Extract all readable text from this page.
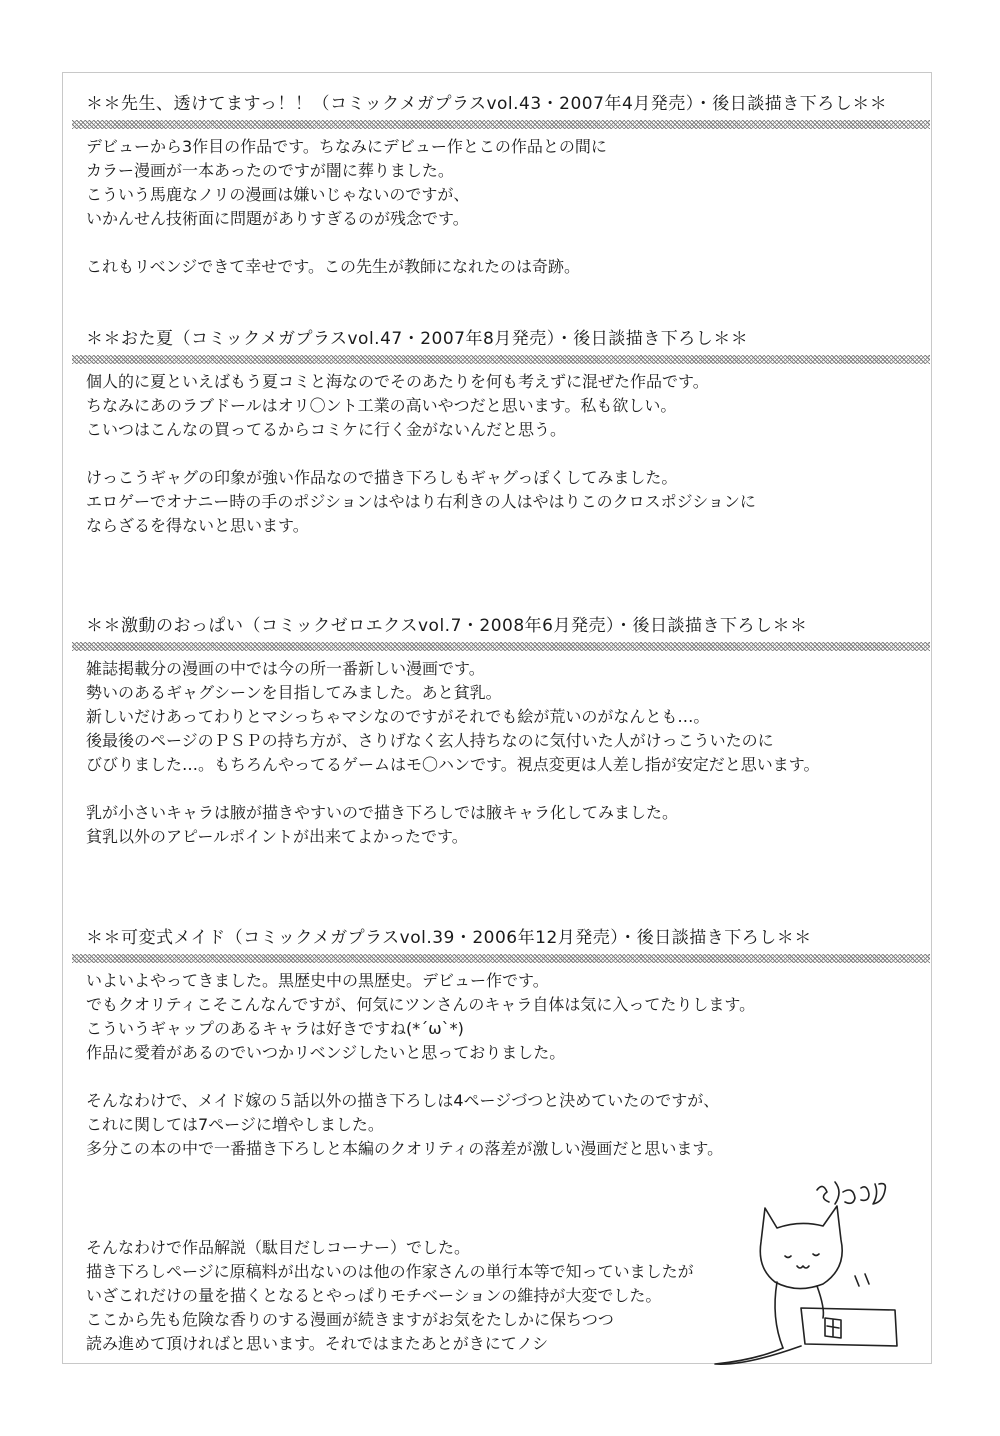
＊＊先生、透けてますっ！！（コミックメガプラスvol.43・2007年4月発売）・後日談描き下ろし＊＊

デビューから3作目の作品です。ちなみにデビュー作とこの作品との間に

カラー漫画が一本あったのですが闇に葬りました。

こういう馬鹿なノリの漫画は嫌いじゃないのですが、

いかんせん技術面に問題がありすぎるのが残念です。

これもリベンジできて幸せです。この先生が教師になれたのは奇跡。

＊＊おた夏（コミックメガプラスvol.47・2007年8月発売）・後日談描き下ろし＊＊

個人的に夏といえばもう夏コミと海なのでそのあたりを何も考えずに混ぜた作品です。

ちなみにあのラブドールはオリ〇ント工業の高いやつだと思います。私も欲しい。

こいつはこんなの買ってるからコミケに行く金がないんだと思う。

けっこうギャグの印象が強い作品なので描き下ろしもギャグっぽくしてみました。

エロゲーでオナニー時の手のポジションはやはり右利きの人はやはりこのクロスポジションに

ならざるを得ないと思います。

＊＊激動のおっぱい（コミックゼロエクスvol.7・2008年6月発売）・後日談描き下ろし＊＊

雑誌掲載分の漫画の中では今の所一番新しい漫画です。

勢いのあるギャグシーンを目指してみました。あと貧乳。

新しいだけあってわりとマシっちゃマシなのですがそれでも絵が荒いのがなんとも…。

後最後のページのＰＳＰの持ち方が、さりげなく玄人持ちなのに気付いた人がけっこういたのに

びびりました…。もちろんやってるゲームはモ〇ハンです。視点変更は人差し指が安定だと思います。

乳が小さいキャラは腋が描きやすいので描き下ろしでは腋キャラ化してみました。

貧乳以外のアピールポイントが出来てよかったです。

＊＊可変式メイド（コミックメガプラスvol.39・2006年12月発売）・後日談描き下ろし＊＊

いよいよやってきました。黒歴史中の黒歴史。デビュー作です。

でもクオリティこそこんなんですが、何気にツンさんのキャラ自体は気に入ってたりします。

こういうギャップのあるキャラは好きですね(*´ω`*)

作品に愛着があるのでいつかリベンジしたいと思っておりました。

そんなわけで、メイド嫁の５話以外の描き下ろしは4ページづつと決めていたのですが、

これに関しては7ページに増やしました。

多分この本の中で一番描き下ろしと本編のクオリティの落差が激しい漫画だと思います。

そんなわけで作品解説（駄目だしコーナー）でした。

描き下ろしページに原稿料が出ないのは他の作家さんの単行本等で知っていましたが

いざこれだけの量を描くとなるとやっぱりモチベーションの維持が大変でした。

ここから先も危険な香りのする漫画が続きますがお気をたしかに保ちつつ

読み進めて頂ければと思います。それではまたあとがきにてノシ
